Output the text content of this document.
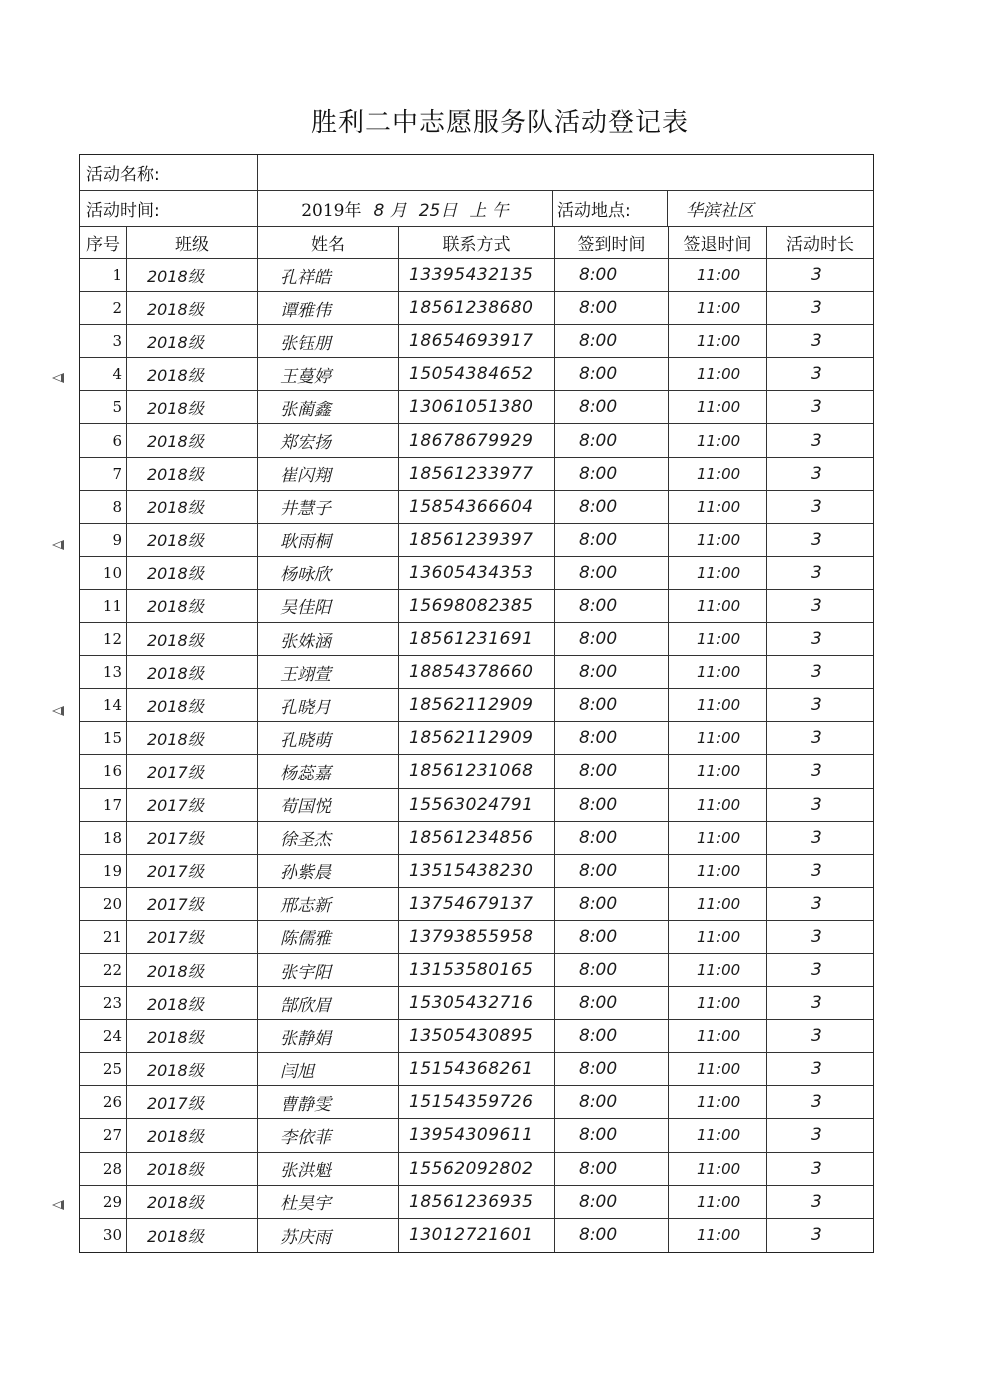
胜利二中志愿服务队活动登记表
活动名称:
活动时间:	2019年 8 月 25日 上 午	活动地点:	华滨社区
序号	班级	姓名	联系方式	签到时间	签退时间	活动时长
1	2018级	孔祥皓	13395432135	8:00	11:00	3
2	2018级	谭雅伟	18561238680	8:00	11:00	3
3	2018级	张钰朋	18654693917	8:00	11:00	3
4	2018级	王蔓婷	15054384652	8:00	11:00	3
5	2018级	张蔺鑫	13061051380	8:00	11:00	3
6	2018级	郑宏扬	18678679929	8:00	11:00	3
7	2018级	崔闪翔	18561233977	8:00	11:00	3
8	2018级	井慧子	15854366604	8:00	11:00	3
9	2018级	耿雨桐	18561239397	8:00	11:00	3
10	2018级	杨咏欣	13605434353	8:00	11:00	3
11	2018级	吴佳阳	15698082385	8:00	11:00	3
12	2018级	张姝涵	18561231691	8:00	11:00	3
13	2018级	王翊萱	18854378660	8:00	11:00	3
14	2018级	孔晓月	18562112909	8:00	11:00	3
15	2018级	孔晓萌	18562112909	8:00	11:00	3
16	2017级	杨蕊嘉	18561231068	8:00	11:00	3
17	2017级	荀国悦	15563024791	8:00	11:00	3
18	2017级	徐圣杰	18561234856	8:00	11:00	3
19	2017级	孙紫晨	13515438230	8:00	11:00	3
20	2017级	邢志新	13754679137	8:00	11:00	3
21	2017级	陈儒雅	13793855958	8:00	11:00	3
22	2018级	张宇阳	13153580165	8:00	11:00	3
23	2018级	郜欣眉	15305432716	8:00	11:00	3
24	2018级	张静娟	13505430895	8:00	11:00	3
25	2018级	闫旭	15154368261	8:00	11:00	3
26	2017级	曹静雯	15154359726	8:00	11:00	3
27	2018级	李依菲	13954309611	8:00	11:00	3
28	2018级	张洪魁	15562092802	8:00	11:00	3
29	2018级	杜昊宇	18561236935	8:00	11:00	3
30	2018级	苏庆雨	13012721601	8:00	11:00	3
